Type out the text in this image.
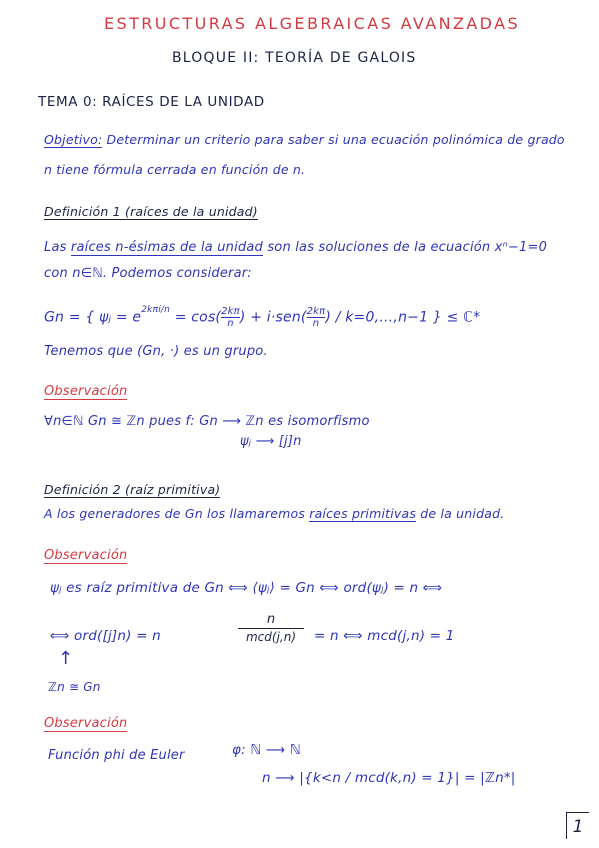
ESTRUCTURAS ALGEBRAICAS AVANZADAS
BLOQUE II: TEORÍA DE GALOIS
TEMA 0: RAÍCES DE LA UNIDAD
Objetivo: Determinar un criterio para saber si una ecuación polinómica de grado
n tiene fórmula cerrada en función de n.
Definición 1 (raíces de la unidad)
Las raíces n-ésimas de la unidad son las soluciones de la ecuación xⁿ−1=0
con n∈ℕ. Podemos considerar:
Gn = { ψⱼ = $e^{2k\pi i/n} = \cos( \frac{2k\pi}{n}$ ) + $i\cdot sen( \frac{2k\pi}{n}$ ) / k=0,…,n−1 } ≤ ℂ*
Tenemos que (Gn, ·) es un grupo.
Observación
∀n∈ℕ Gn ≅ ℤn pues f: Gn ⟶ ℤn es isomorfismo
ψⱼ ⟶ [j]n
Definición 2 (raíz primitiva)
A los generadores de Gn los llamaremos raíces primitivas de la unidad.
Observación
ψⱼ es raíz primitiva de Gn ⟺ ⟨ψⱼ⟩ = Gn ⟺ ord(ψⱼ) = n ⟺
⟺ ord([j]n) = n
n
mcd(j,n)	= n ⟺ mcd(j,n) = 1
↑
ℤn ≅ Gn
Observación
Función phi de Euler	φ: ℕ ⟶ ℕ
n ⟶ |{k<n / mcd(k,n) = 1}| = |ℤn*|
1
